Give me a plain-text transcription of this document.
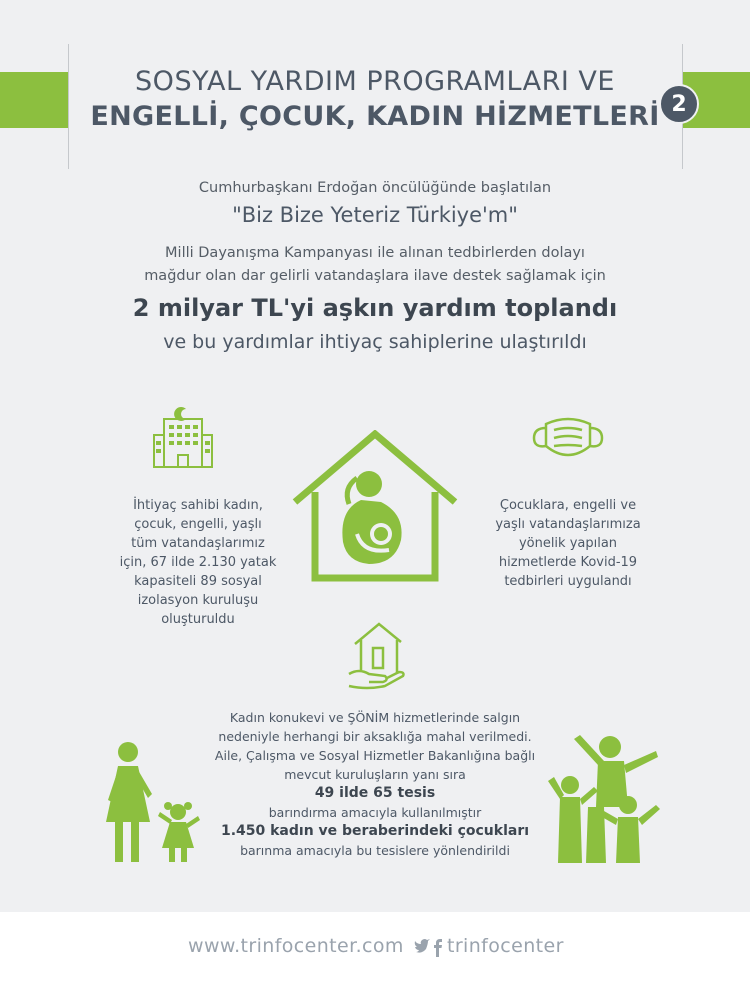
2
SOSYAL YARDIM PROGRAMLARI VE
ENGELLİ, ÇOCUK, KADIN HİZMETLERİ
Cumhurbaşkanı Erdoğan öncülüğünde başlatılan
"Biz Bize Yeteriz Türkiye'm"
Milli Dayanışma Kampanyası ile alınan tedbirlerden dolayı
mağdur olan dar gelirli vatandaşlara ilave destek sağlamak için
2 milyar TL'yi aşkın yardım toplandı
ve bu yardımlar ihtiyaç sahiplerine ulaştırıldı
İhtiyaç sahibi kadın,
çocuk, engelli, yaşlı
tüm vatandaşlarımız
için, 67 ilde 2.130 yatak
kapasiteli 89 sosyal
izolasyon kuruluşu
oluşturuldu
Çocuklara, engelli ve
yaşlı vatandaşlarımıza
yönelik yapılan
hizmetlerde Kovid-19
tedbirleri uygulandı
Kadın konukevi ve ŞÖNİM hizmetlerinde salgın
nedeniyle herhangi bir aksaklığa mahal verilmedi.
Aile, Çalışma ve Sosyal Hizmetler Bakanlığına bağlı
mevcut kuruluşların yanı sıra
49 ilde 65 tesis
barındırma amacıyla kullanılmıştır
1.450 kadın ve beraberindeki çocukları
barınma amacıyla bu tesislere yönlendirildi
www.trinfocenter.com trinfocenter
